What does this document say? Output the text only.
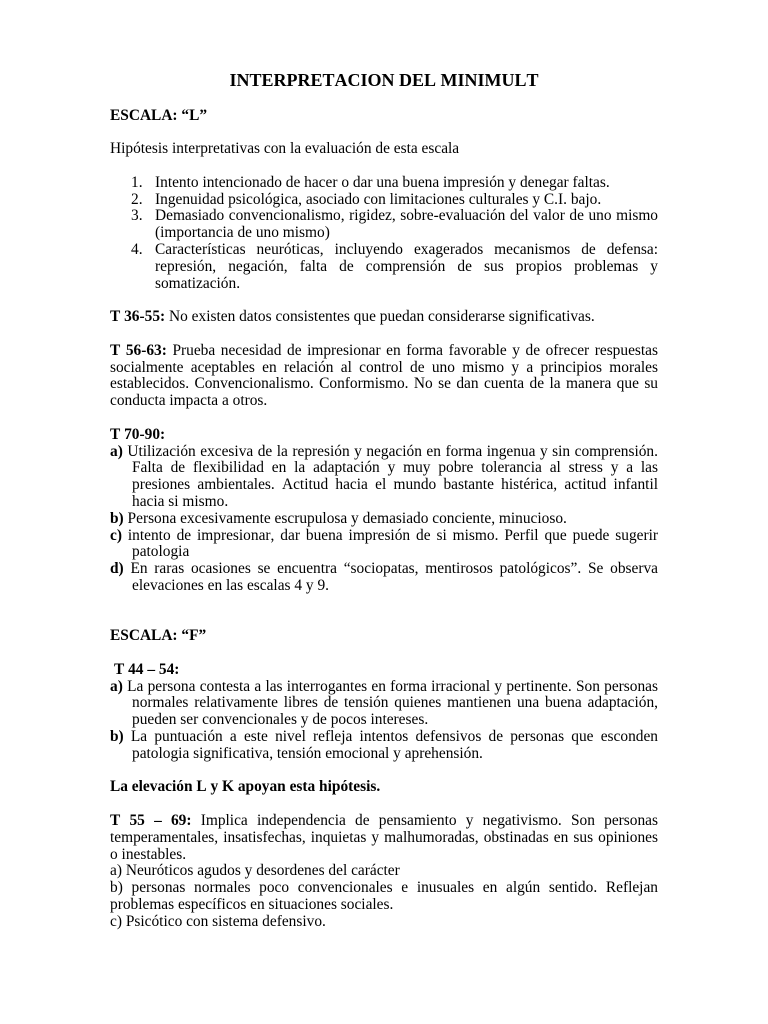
INTERPRETACION DEL MINIMULT

ESCALA: “L”

Hipótesis interpretativas con la evaluación de esta escala

1. Intento intencionado de hacer o dar una buena impresión y denegar faltas.
2. Ingenuidad psicológica, asociado con limitaciones culturales y C.I. bajo.
3. Demasiado convencionalismo, rigidez, sobre-evaluación del valor de uno mismo (importancia de uno mismo)
4. Características neuróticas, incluyendo exagerados mecanismos de defensa: represión, negación, falta de comprensión de sus propios problemas y somatización.

T 36-55: No existen datos consistentes que puedan considerarse significativas.

T 56-63: Prueba necesidad de impresionar en forma favorable y de ofrecer respuestas socialmente aceptables en relación al control de uno mismo y a principios morales establecidos. Convencionalismo. Conformismo. No se dan cuenta de la manera que su conducta impacta a otros.

T 70-90:

a) Utilización excesiva de la represión y negación en forma ingenua y sin comprensión. Falta de flexibilidad en la adaptación y muy pobre tolerancia al stress y a las presiones ambientales. Actitud hacia el mundo bastante histérica, actitud infantil hacia si mismo.

b) Persona excesivamente escrupulosa y demasiado conciente, minucioso.

c) intento de impresionar, dar buena impresión de si mismo. Perfil que puede sugerir patologia

d) En raras ocasiones se encuentra “sociopatas, mentirosos patológicos”. Se observa elevaciones en las escalas 4 y 9.

ESCALA: “F”

T 44 – 54:

a) La persona contesta a las interrogantes en forma irracional y pertinente. Son personas normales relativamente libres de tensión quienes mantienen una buena adaptación, pueden ser convencionales y de pocos intereses.

b) La puntuación a este nivel refleja intentos defensivos de personas que esconden patologia significativa, tensión emocional y aprehensión.

La elevación L y K apoyan esta hipótesis.

T 55 – 69: Implica independencia de pensamiento y negativismo. Son personas temperamentales, insatisfechas, inquietas y malhumoradas, obstinadas en sus opiniones o inestables.

a) Neuróticos agudos y desordenes del carácter

b) personas normales poco convencionales e inusuales en algún sentido. Reflejan problemas específicos en situaciones sociales.

c) Psicótico con sistema defensivo.
